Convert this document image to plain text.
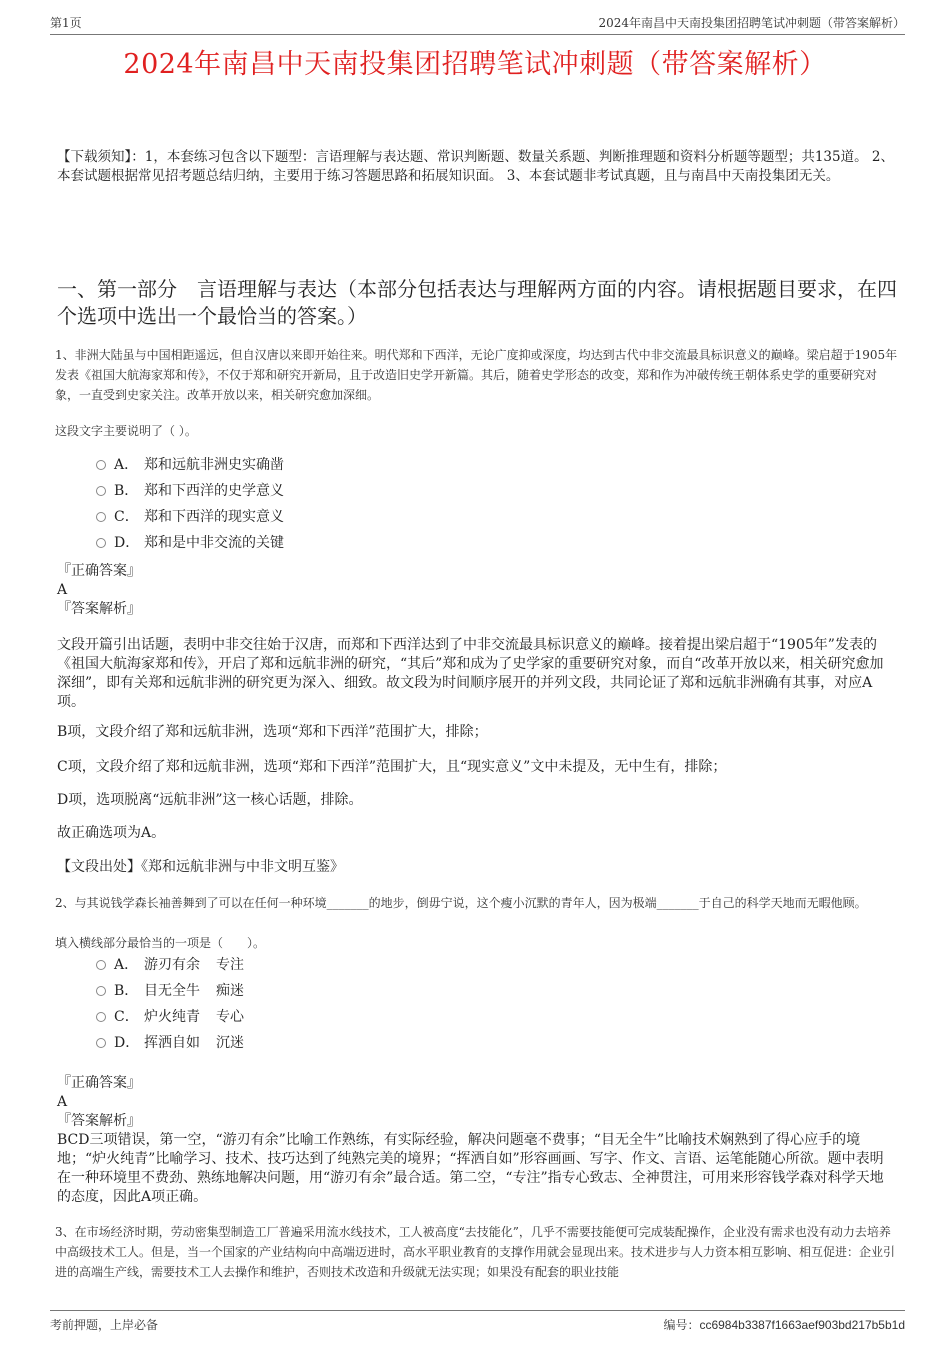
第1页	2024年南昌中天南投集团招聘笔试冲刺题（带答案解析）
2024年南昌中天南投集团招聘笔试冲刺题（带答案解析）
【下载须知】：1，本套练习包含以下题型：言语理解与表达题、常识判断题、数量关系题、判断推理题和资料分析题等题型；共135道。 2、本套试题根据常见招考题总结归纳，主要用于练习答题思路和拓展知识面。 3、本套试题非考试真题，且与南昌中天南投集团无关。
一、第一部分　言语理解与表达（本部分包括表达与理解两方面的内容。请根据题目要求，在四个选项中选出一个最恰当的答案。）
1、非洲大陆虽与中国相距遥远，但自汉唐以来即开始往来。明代郑和下西洋，无论广度抑或深度，均达到古代中非交流最具标识意义的巅峰。梁启超于1905年发表《祖国大航海家郑和传》，不仅于郑和研究开新局，且于改造旧史学开新篇。其后，随着史学形态的改变，郑和作为冲破传统王朝体系史学的重要研究对象，一直受到史家关注。改革开放以来，相关研究愈加深细。
这段文字主要说明了（ ）。
A． 郑和远航非洲史实确凿
B． 郑和下西洋的史学意义
C． 郑和下西洋的现实意义
D． 郑和是中非交流的关键

『正确答案』

A

『答案解析』

文段开篇引出话题，表明中非交往始于汉唐，而郑和下西洋达到了中非交流最具标识意义的巅峰。接着提出梁启超于“1905年”发表的《祖国大航海家郑和传》，开启了郑和远航非洲的研究，“其后”郑和成为了史学家的重要研究对象，而自“改革开放以来，相关研究愈加深细”，即有关郑和远航非洲的研究更为深入、细致。故文段为时间顺序展开的并列文段，共同论证了郑和远航非洲确有其事，对应A项。

B项，文段介绍了郑和远航非洲，选项“郑和下西洋”范围扩大，排除；

C项，文段介绍了郑和远航非洲，选项“郑和下西洋”范围扩大，且“现实意义”文中未提及，无中生有，排除；

D项，选项脱离“远航非洲”这一核心话题，排除。

故正确选项为A。

【文段出处】《郑和远航非洲与中非文明互鉴》

2、与其说钱学森长袖善舞到了可以在任何一种环境_______的地步，倒毋宁说，这个瘦小沉默的青年人，因为极端_______于自己的科学天地而无暇他顾。
填入横线部分最恰当的一项是（　　）。
A． 游刃有余 专注
B． 目无全牛 痴迷
C． 炉火纯青 专心
D． 挥洒自如 沉迷

『正确答案』

A

『答案解析』

BCD三项错误，第一空，“游刃有余”比喻工作熟练，有实际经验，解决问题毫不费事；“目无全牛”比喻技术娴熟到了得心应手的境地；“炉火纯青”比喻学习、技术、技巧达到了纯熟完美的境界；“挥洒自如”形容画画、写字、作文、言语、运笔能随心所欲。题中表明在一种环境里不费劲、熟练地解决问题，用“游刃有余”最合适。第二空，“专注”指专心致志、全神贯注，可用来形容钱学森对科学天地的态度，因此A项正确。

3、在市场经济时期，劳动密集型制造工厂普遍采用流水线技术，工人被高度“去技能化”，几乎不需要技能便可完成装配操作，企业没有需求也没有动力去培养中高级技术工人。但是，当一个国家的产业结构向中高端迈进时，高水平职业教育的支撑作用就会显现出来。技术进步与人力资本相互影响、相互促进：企业引进的高端生产线，需要技术工人去操作和维护，否则技术改造和升级就无法实现；如果没有配套的职业技能
考前押题，上岸必备	编号：cc6984b3387f1663aef903bd217b5b1d
